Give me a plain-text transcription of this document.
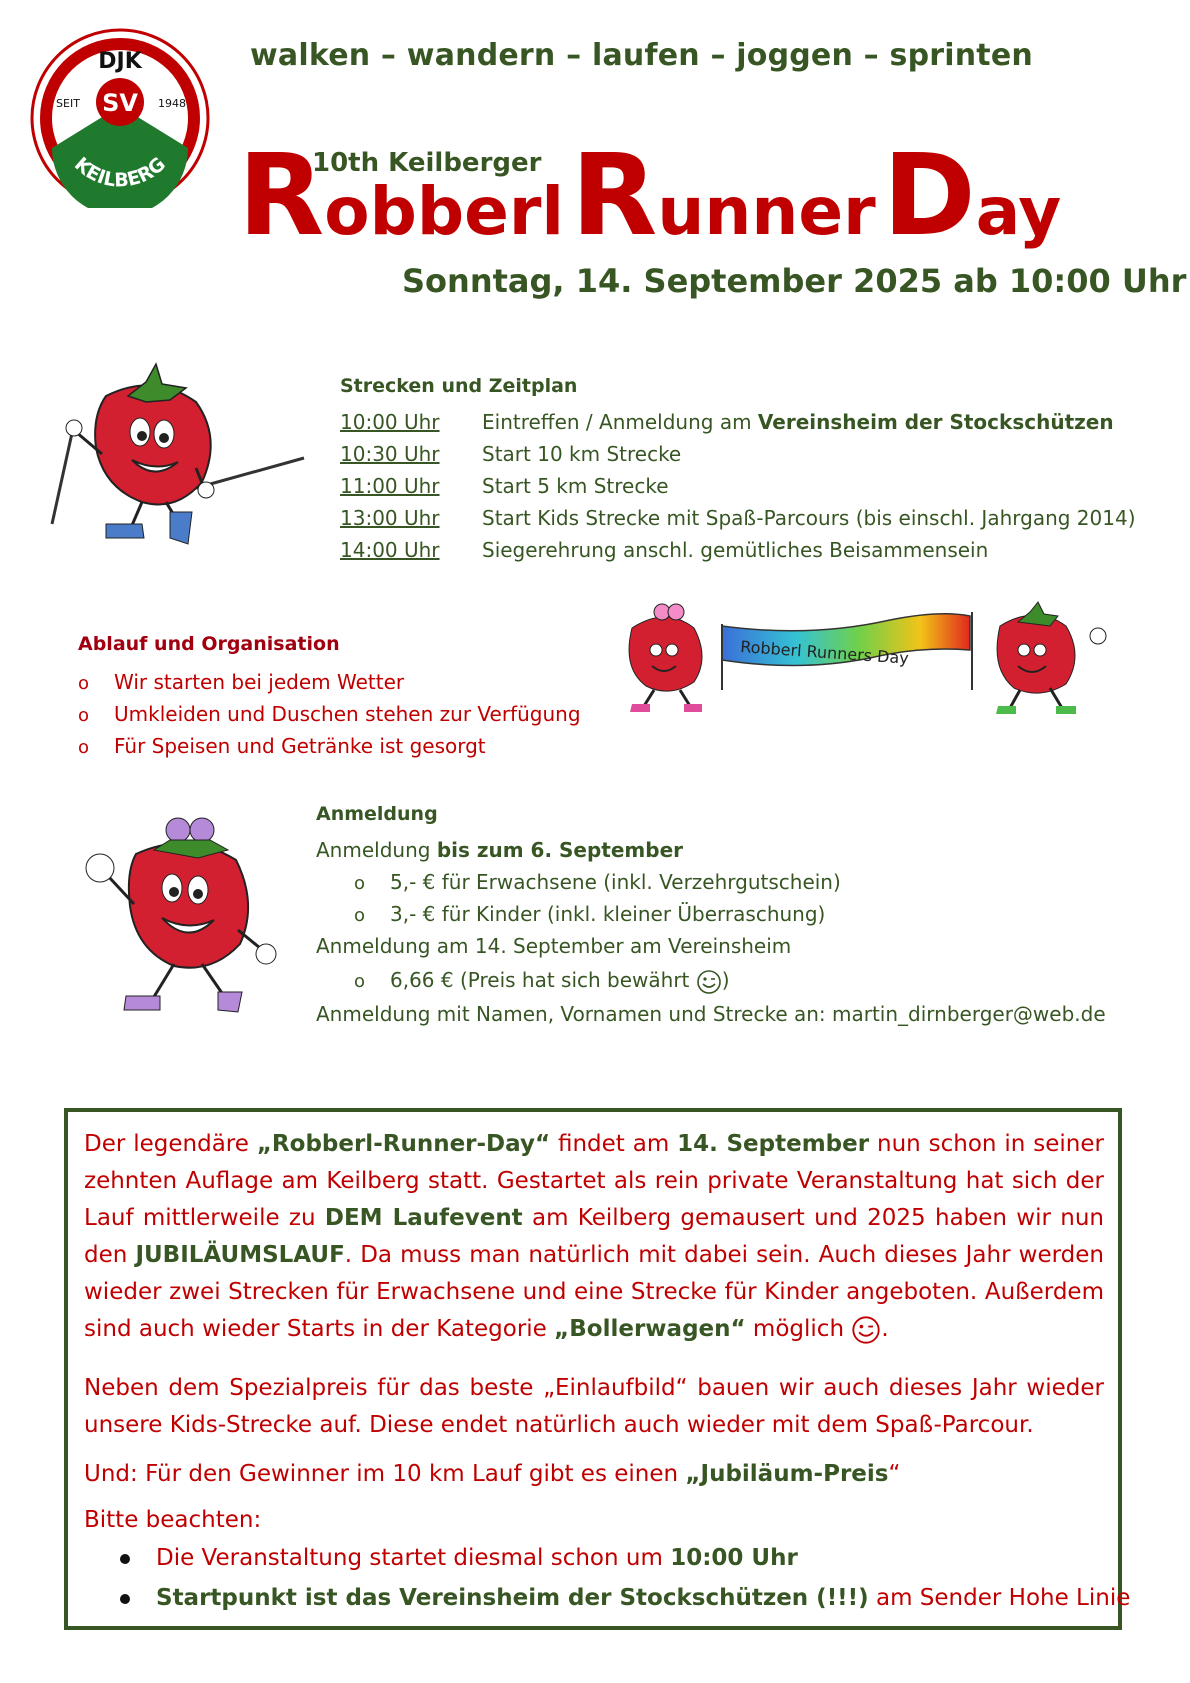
SV
DJK
SEIT	1948
KEILBERG
walken – wandern – laufen – joggen – sprinten
10th Keilberger
Robberl Runner Day
Sonntag, 14. September 2025 ab 10:00 Uhr
Strecken und Zeitplan
10:00 Uhr Eintreffen / Anmeldung am Vereinsheim der Stockschützen
10:30 Uhr Start 10 km Strecke
11:00 Uhr Start 5 km Strecke
13:00 Uhr Start Kids Strecke mit Spaß-Parcours (bis einschl. Jahrgang 2014)
14:00 Uhr Siegerehrung anschl. gemütliches Beisammensein
Ablauf und Organisation
o Wir starten bei jedem Wetter
o Umkleiden und Duschen stehen zur Verfügung
o Für Speisen und Getränke ist gesorgt
Robberl Runners Day
Anmeldung
Anmeldung bis zum 6. September
o 5,- € für Erwachsene (inkl. Verzehrgutschein)
o 3,- € für Kinder (inkl. kleiner Überraschung)
Anmeldung am 14. September am Vereinsheim
o 6,66 € (Preis hat sich bewährt )
Anmeldung mit Namen, Vornamen und Strecke an: martin_dirnberger@web.de
Der legendäre „Robberl-Runner-Day“ findet am 14. September nun schon in seiner zehnten Auflage am Keilberg statt. Gestartet als rein private Veranstaltung hat sich der Lauf mittlerweile zu DEM Laufevent am Keilberg gemausert und 2025 haben wir nun den JUBILÄUMSLAUF. Da muss man natürlich mit dabei sein. Auch dieses Jahr werden wieder zwei Strecken für Erwachsene und eine Strecke für Kinder angeboten. Außerdem sind auch wieder Starts in der Kategorie „Bollerwagen“ möglich .
Neben dem Spezialpreis für das beste „Einlaufbild“ bauen wir auch dieses Jahr wieder unsere Kids-Strecke auf. Diese endet natürlich auch wieder mit dem Spaß-Parcour.
Und: Für den Gewinner im 10 km Lauf gibt es einen „Jubiläum-Preis“
Bitte beachten:
Die Veranstaltung startet diesmal schon um 10:00 Uhr
Startpunkt ist das Vereinsheim der Stockschützen (!!!) am Sender Hohe Linie
